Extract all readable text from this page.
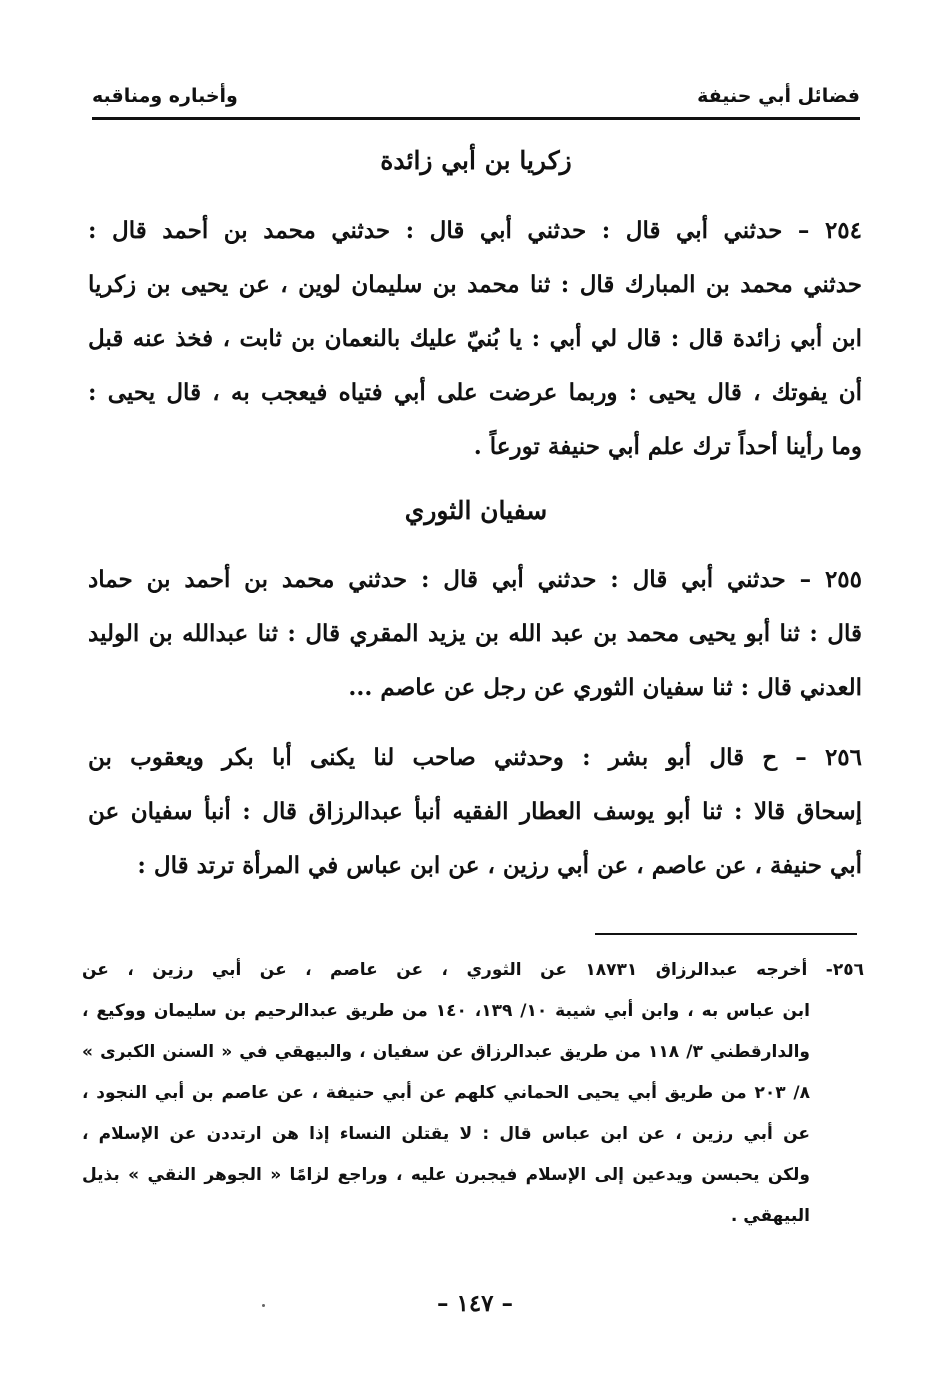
فضائل أبي حنيفة
وأخباره ومناقبه
زكريا بن أبي زائدة
٢٥٤ – حدثني أبي قال : حدثني أبي قال : حدثني محمد بن أحمد قال :
حدثني محمد بن المبارك قال : ثنا محمد بن سليمان لوين ، عن يحيى بن زكريا
ابن أبي زائدة قال : قال لي أبي : يا بُنيّ عليك بالنعمان بن ثابت ، فخذ عنه قبل
أن يفوتك ، قال يحيى : وربما عرضت على أبي فتياه فيعجب به ، قال يحيى :
وما رأينا أحداً ترك علم أبي حنيفة تورعاً .
سفيان الثوري
٢٥٥ – حدثني أبي قال : حدثني أبي قال : حدثني محمد بن أحمد بن حماد
قال : ثنا أبو يحيى محمد بن عبد الله بن يزيد المقري قال : ثنا عبدالله بن الوليد
العدني قال : ثنا سفيان الثوري عن رجل عن عاصم ...
٢٥٦ – ح قال أبو بشر : وحدثني صاحب لنا يكنى أبا بكر ويعقوب بن
إسحاق قالا : ثنا أبو يوسف العطار الفقيه أنبأ عبدالرزاق قال : أنبأ سفيان عن
أبي حنيفة ، عن عاصم ، عن أبي رزين ، عن ابن عباس في المرأة ترتد قال :
٢٥٦- أخرجه عبدالرزاق ١٨٧٣١ عن الثوري ، عن عاصم ، عن أبي رزين ، عن
ابن عباس به ، وابن أبي شيبة ١٠/ ١٣٩، ١٤٠ من طريق عبدالرحيم بن سليمان ووكيع ،
والدارقطني ٣/ ١١٨ من طريق عبدالرزاق عن سفيان ، والبيهقي في « السنن الكبرى »
٨/ ٢٠٣ من طريق أبي يحيى الحماني كلهم عن أبي حنيفة ، عن عاصم بن أبي النجود ،
عن أبي رزين ، عن ابن عباس قال : لا يقتلن النساء إذا هن ارتددن عن الإسلام ،
ولكن يحبسن ويدعين إلى الإسلام فيجبرن عليه ، وراجع لزامًا « الجوهر النقي » بذيل
البيهقي .
– ١٤٧ –
